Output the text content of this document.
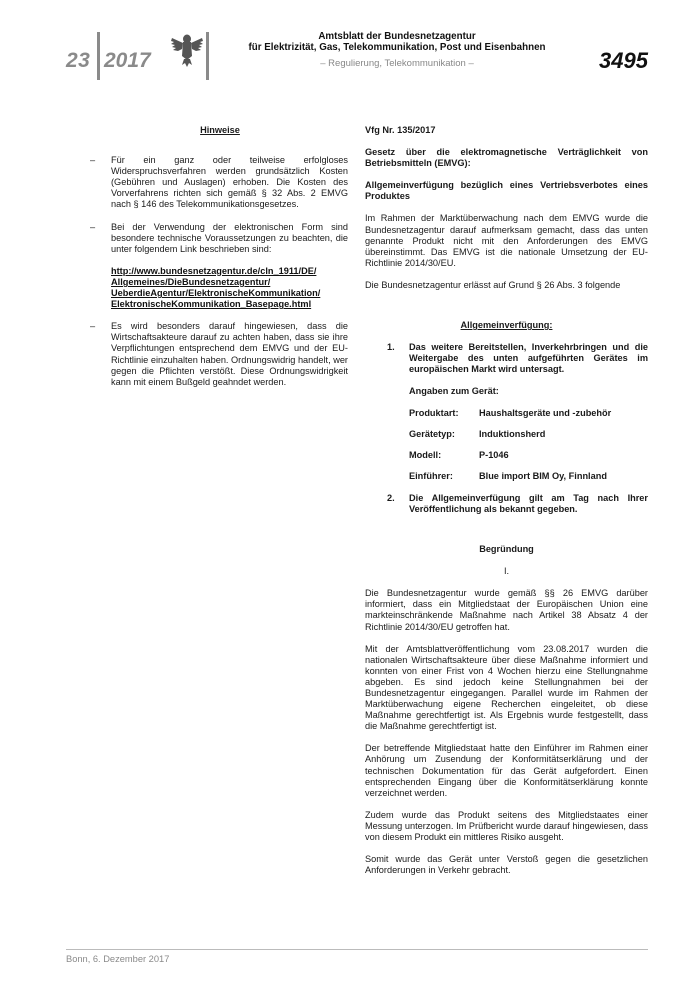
23 2017
Amtsblatt der Bundesnetzagentur
für Elektrizität, Gas, Telekommunikation, Post und Eisenbahnen
– Regulierung, Telekommunikation –	3495

Hinweise

– Für ein ganz oder teilweise erfolgloses Widerspruchsverfahren werden grundsätzlich Kosten (Gebühren und Auslagen) erhoben. Die Kosten des Vorverfahrens richten sich gemäß § 32 Abs. 2 EMVG nach § 146 des Telekommunikationsgesetzes.
– Bei der Verwendung der elektronischen Form sind besondere technische Voraussetzungen zu beachten, die unter folgendem Link beschrieben sind:
http://www.bundesnetzagentur.de/cln_1911/DE/
Allgemeines/DieBundesnetzagentur/
UeberdieAgentur/ElektronischeKommunikation/
ElektronischeKommunikation_Basepage.html
– Es wird besonders darauf hingewiesen, dass die Wirtschaftsakteure darauf zu achten haben, dass sie ihre Verpflichtungen entsprechend dem EMVG und der EU-Richtlinie einzuhalten haben. Ordnungswidrig handelt, wer gegen die Pflichten verstößt. Diese Ordnungswidrigkeit kann mit einem Bußgeld geahndet werden.

Vfg Nr. 135/2017

Gesetz über die elektromagnetische Verträglichkeit von Betriebsmitteln (EMVG):

Allgemeinverfügung bezüglich eines Vertriebsverbotes eines Produktes

Im Rahmen der Marktüberwachung nach dem EMVG wurde die Bundesnetzagentur darauf aufmerksam gemacht, dass das unten genannte Produkt nicht mit den Anforderungen des EMVG übereinstimmt. Das EMVG ist die nationale Umsetzung der EU-Richtlinie 2014/30/EU.

Die Bundesnetzagentur erlässt auf Grund § 26 Abs. 3 folgende

Allgemeinverfügung:

1. Das weitere Bereitstellen, Inverkehrbringen und die Weitergabe des unten aufgeführten Gerätes im europäischen Markt wird untersagt.

Angaben zum Gerät:

Produktart:	Haushaltsgeräte und -zubehör
Gerätetyp:	Induktionsherd
Modell:	P-1046
Einführer:	Blue import BIM Oy, Finnland
2. Die Allgemeinverfügung gilt am Tag nach Ihrer Veröffentlichung als bekannt gegeben.

Begründung

I.

Die Bundesnetzagentur wurde gemäß §§ 26 EMVG darüber informiert, dass ein Mitgliedstaat der Europäischen Union eine markteinschränkende Maßnahme nach Artikel 38 Absatz 4 der Richtlinie 2014/30/EU getroffen hat.

Mit der Amtsblattveröffentlichung vom 23.08.2017 wurden die nationalen Wirtschaftsakteure über diese Maßnahme informiert und konnten von einer Frist von 4 Wochen hierzu eine Stellungnahme abgeben. Es sind jedoch keine Stellungnahmen bei der Bundesnetzagentur eingegangen. Parallel wurde im Rahmen der Marktüberwachung eigene Recherchen eingeleitet, ob diese Maßnahme gerechtfertigt ist. Als Ergebnis wurde festgestellt, dass die Maßnahme gerechtfertigt ist.

Der betreffende Mitgliedstaat hatte den Einführer im Rahmen einer Anhörung um Zusendung der Konformitätserklärung und der technischen Dokumentation für das Gerät aufgefordert. Einen entsprechenden Eingang über die Konformitätserklärung konnte verzeichnet werden.

Zudem wurde das Produkt seitens des Mitgliedstaates einer Messung unterzogen. Im Prüfbericht wurde darauf hingewiesen, dass von diesem Produkt ein mittleres Risiko ausgeht.

Somit wurde das Gerät unter Verstoß gegen die gesetzlichen Anforderungen in Verkehr gebracht.

Bonn, 6. Dezember 2017
